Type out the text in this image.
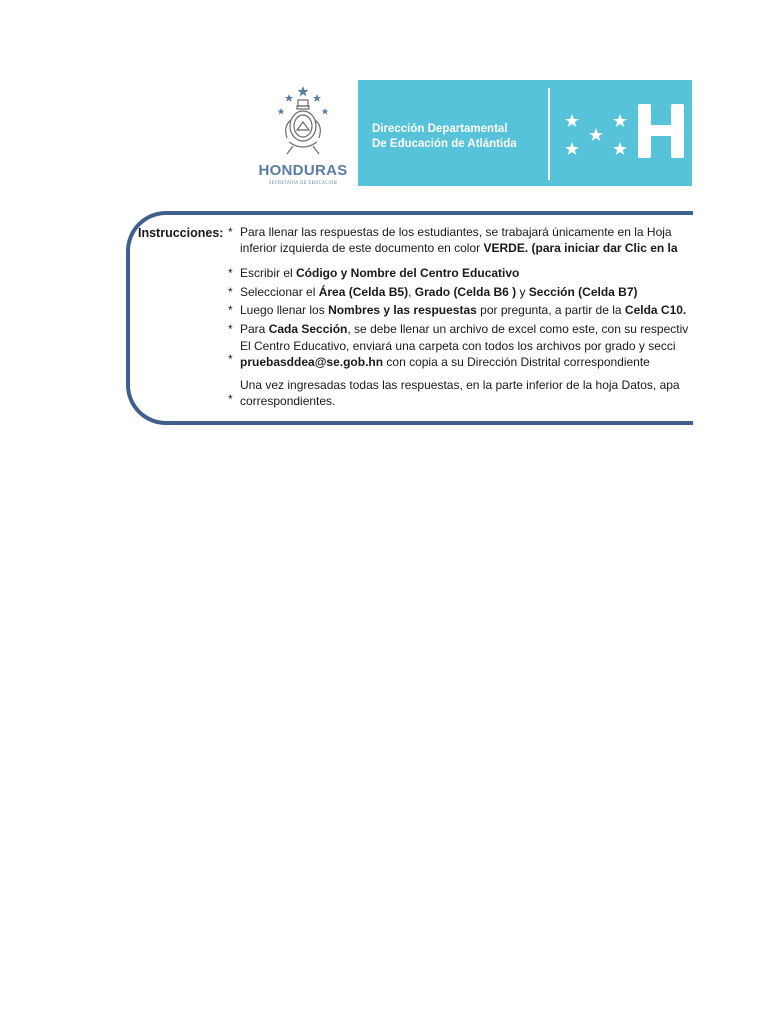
HONDURAS
SECRETARÍA DE EDUCACIÓN
Dirección Departamental
De Educación de Atlántida
Instrucciones: * Para llenar las respuestas de los estudiantes, se trabajará únicamente en la Hoja
inferior izquierda de este documento en color VERDE. (para iniciar dar Clic en la
* Escribir el Código y Nombre del Centro Educativo
* Seleccionar el Área (Celda B5), Grado (Celda B6 ) y Sección (Celda B7)
* Luego llenar los Nombres y las respuestas por pregunta, a partir de la Celda C10.
* Para Cada Sección, se debe llenar un archivo de excel como este, con su respectiv
*
El Centro Educativo, enviará una carpeta con todos los archivos por grado y secci
pruebasddea@se.gob.hn con copia a su Dirección Distrital correspondiente
*
Una vez ingresadas todas las respuestas, en la parte inferior de la hoja Datos, apa
correspondientes.
